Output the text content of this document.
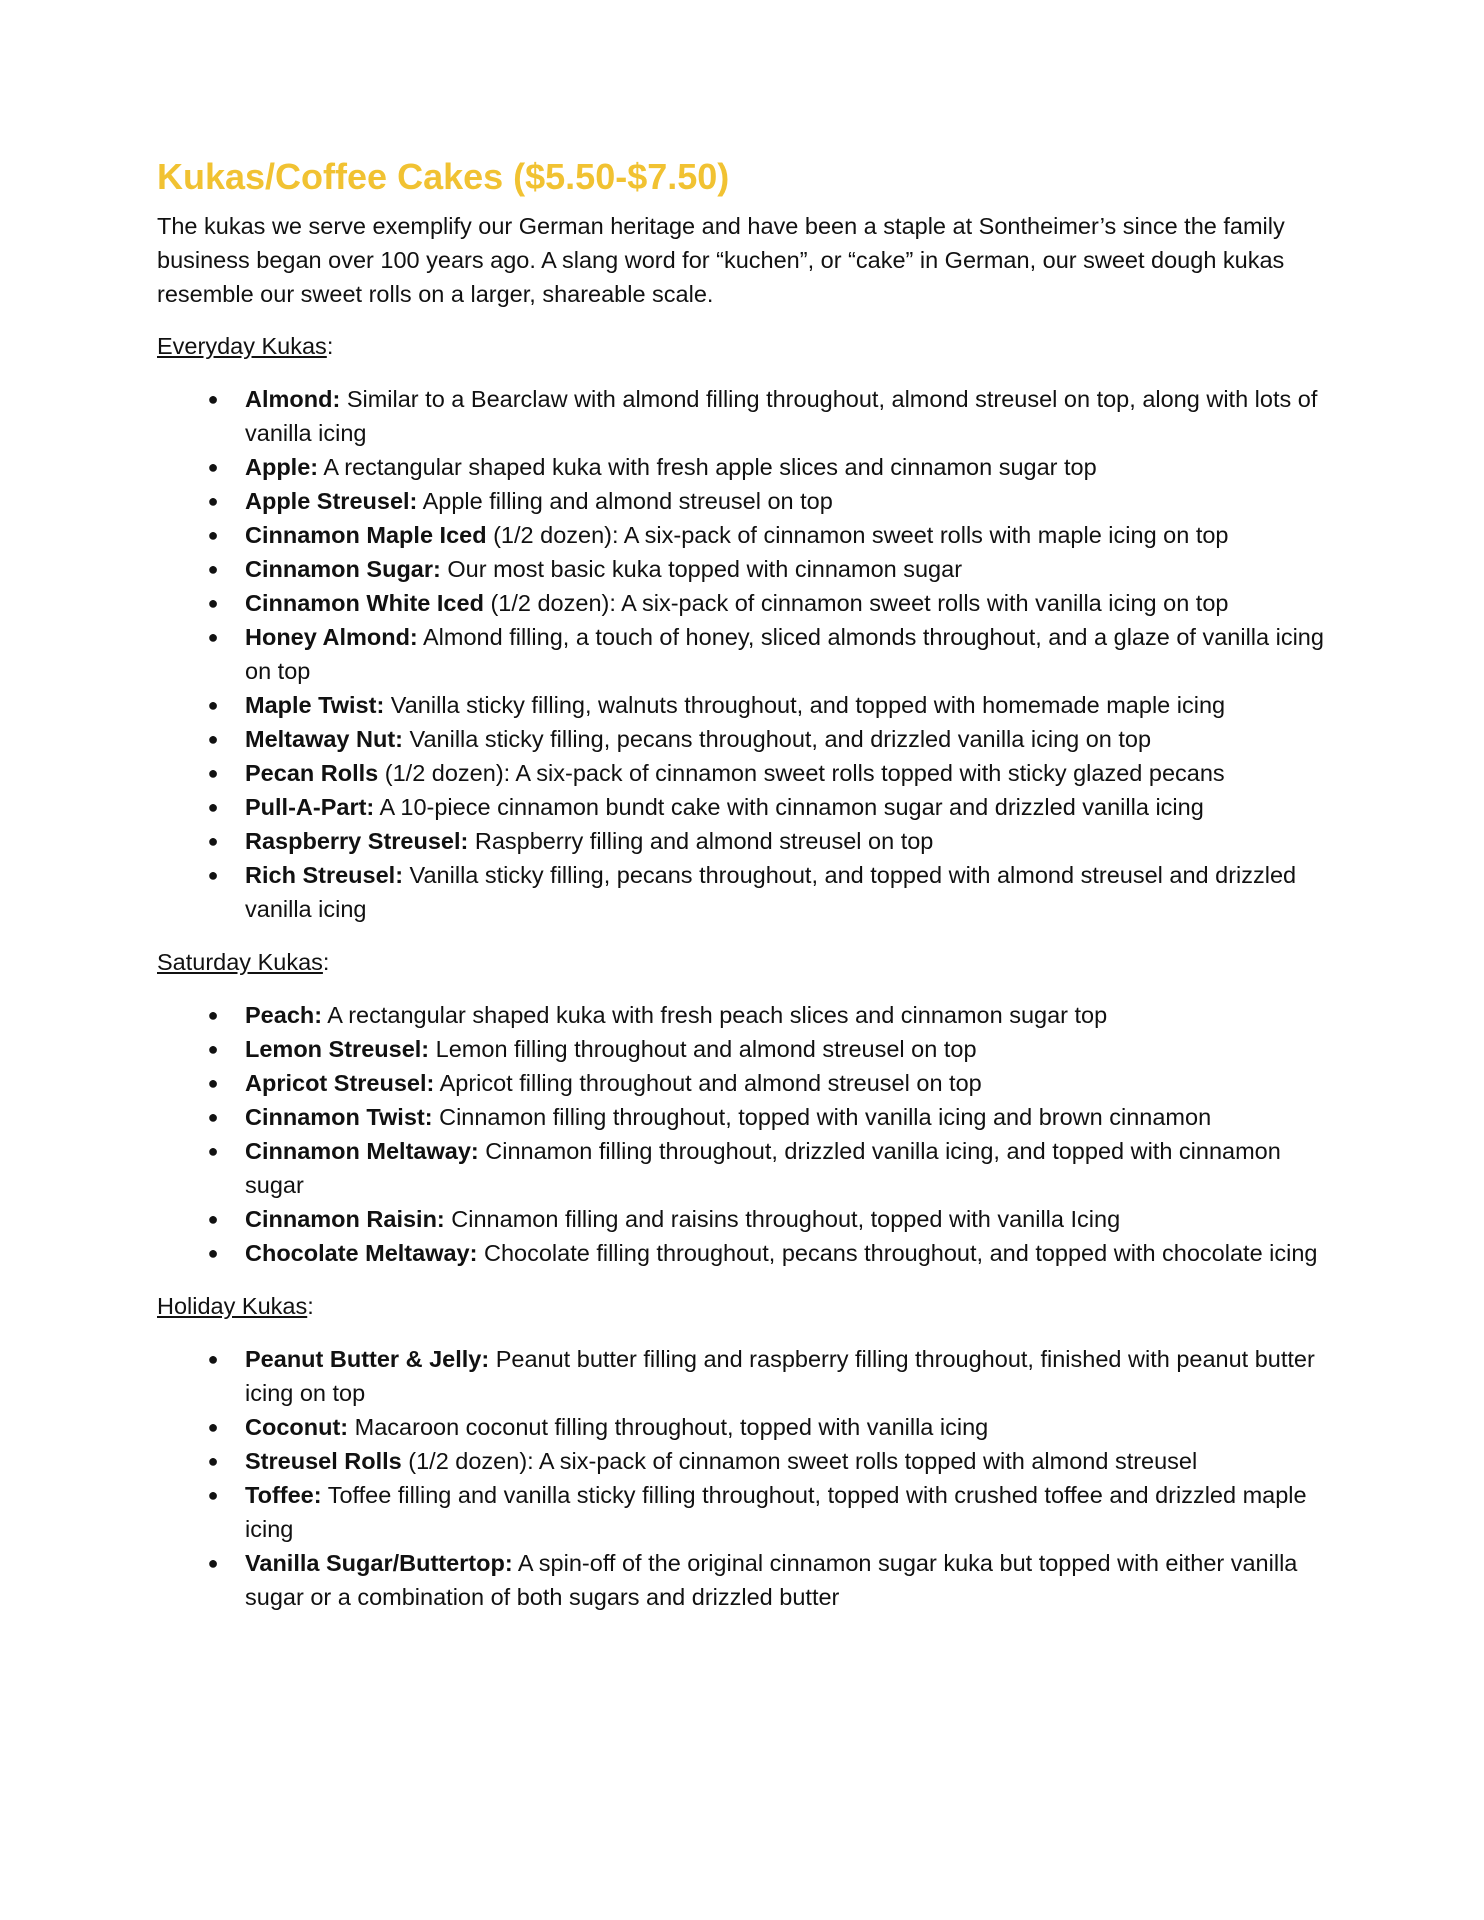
Kukas/Coffee Cakes ($5.50-$7.50)

The kukas we serve exemplify our German heritage and have been a staple at Sontheimer’s since the family business began over 100 years ago. A slang word for “kuchen”, or “cake” in German, our sweet dough kukas resemble our sweet rolls on a larger, shareable scale.

Everyday Kukas:
● Almond: Similar to a Bearclaw with almond filling throughout, almond streusel on top, along with lots of vanilla icing
● Apple: A rectangular shaped kuka with fresh apple slices and cinnamon sugar top
● Apple Streusel: Apple filling and almond streusel on top
● Cinnamon Maple Iced (1/2 dozen): A six-pack of cinnamon sweet rolls with maple icing on top
● Cinnamon Sugar: Our most basic kuka topped with cinnamon sugar
● Cinnamon White Iced (1/2 dozen): A six-pack of cinnamon sweet rolls with vanilla icing on top
● Honey Almond: Almond filling, a touch of honey, sliced almonds throughout, and a glaze of vanilla icing on top
● Maple Twist: Vanilla sticky filling, walnuts throughout, and topped with homemade maple icing
● Meltaway Nut: Vanilla sticky filling, pecans throughout, and drizzled vanilla icing on top
● Pecan Rolls (1/2 dozen): A six-pack of cinnamon sweet rolls topped with sticky glazed pecans
● Pull-A-Part: A 10-piece cinnamon bundt cake with cinnamon sugar and drizzled vanilla icing
● Raspberry Streusel: Raspberry filling and almond streusel on top
● Rich Streusel: Vanilla sticky filling, pecans throughout, and topped with almond streusel and drizzled vanilla icing
Saturday Kukas:
● Peach: A rectangular shaped kuka with fresh peach slices and cinnamon sugar top
● Lemon Streusel: Lemon filling throughout and almond streusel on top
● Apricot Streusel: Apricot filling throughout and almond streusel on top
● Cinnamon Twist: Cinnamon filling throughout, topped with vanilla icing and brown cinnamon
● Cinnamon Meltaway: Cinnamon filling throughout, drizzled vanilla icing, and topped with cinnamon sugar
● Cinnamon Raisin: Cinnamon filling and raisins throughout, topped with vanilla Icing
● Chocolate Meltaway: Chocolate filling throughout, pecans throughout, and topped with chocolate icing
Holiday Kukas:
● Peanut Butter & Jelly: Peanut butter filling and raspberry filling throughout, finished with peanut butter icing on top
● Coconut: Macaroon coconut filling throughout, topped with vanilla icing
● Streusel Rolls (1/2 dozen): A six-pack of cinnamon sweet rolls topped with almond streusel
● Toffee: Toffee filling and vanilla sticky filling throughout, topped with crushed toffee and drizzled maple icing
● Vanilla Sugar/Buttertop: A spin-off of the original cinnamon sugar kuka but topped with either vanilla sugar or a combination of both sugars and drizzled butter
